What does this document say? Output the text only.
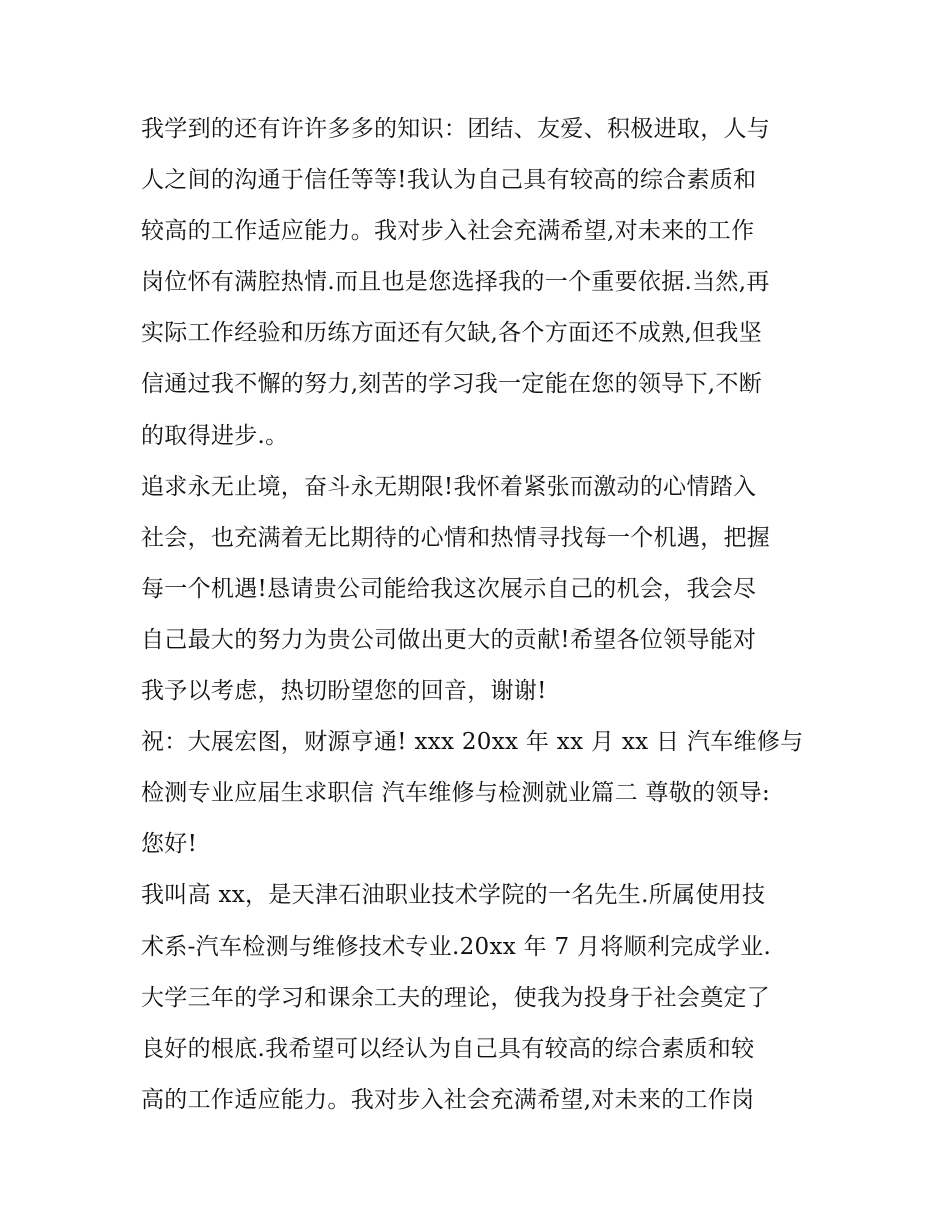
我学到的还有许许多多的知识：团结、友爱、积极进取，人与
人之间的沟通于信任等等!我认为自己具有较高的综合素质和
较高的工作适应能力。我对步入社会充满希望,对未来的工作
岗位怀有满腔热情.而且也是您选择我的一个重要依据.当然,再
实际工作经验和历练方面还有欠缺,各个方面还不成熟,但我坚
信通过我不懈的努力,刻苦的学习我一定能在您的领导下,不断
的取得进步.。
追求永无止境，奋斗永无期限!我怀着紧张而激动的心情踏入
社会，也充满着无比期待的心情和热情寻找每一个机遇，把握
每一个机遇!恳请贵公司能给我这次展示自己的机会，我会尽
自己最大的努力为贵公司做出更大的贡献!希望各位领导能对
我予以考虑，热切盼望您的回音，谢谢!
祝：大展宏图，财源亨通! xxx 20xx 年 xx 月 xx 日 汽车维修与
检测专业应届生求职信 汽车维修与检测就业篇二 尊敬的领导:
您好!
我叫高 xx，是天津石油职业技术学院的一名先生.所属使用技
术系-汽车检测与维修技术专业.20xx 年 7 月将顺利完成学业.
大学三年的学习和课余工夫的理论，使我为投身于社会奠定了
良好的根底.我希望可以经认为自己具有较高的综合素质和较
高的工作适应能力。我对步入社会充满希望,对未来的工作岗
